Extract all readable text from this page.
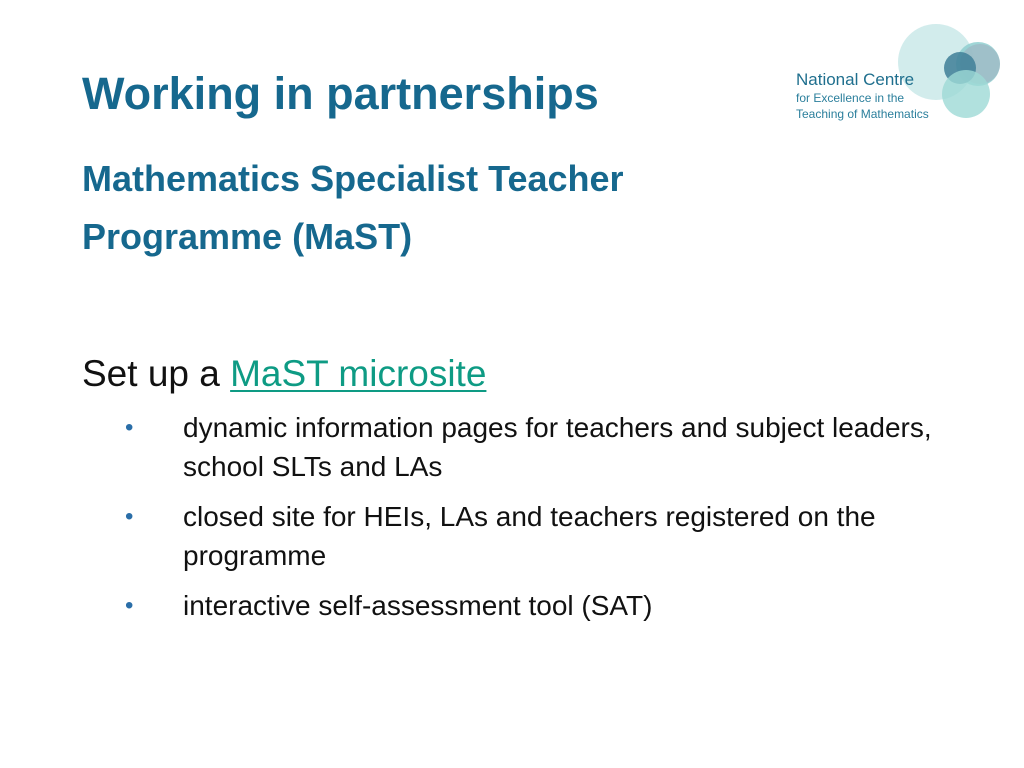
National Centre
for Excellence in the
Teaching of Mathematics
Working in partnerships
Mathematics Specialist Teacher
Programme (MaST)
Set up a MaST microsite
• dynamic information pages for teachers and subject leaders, school SLTs and LAs
• closed site for HEIs, LAs and teachers registered on the programme
• interactive self-assessment tool (SAT)
